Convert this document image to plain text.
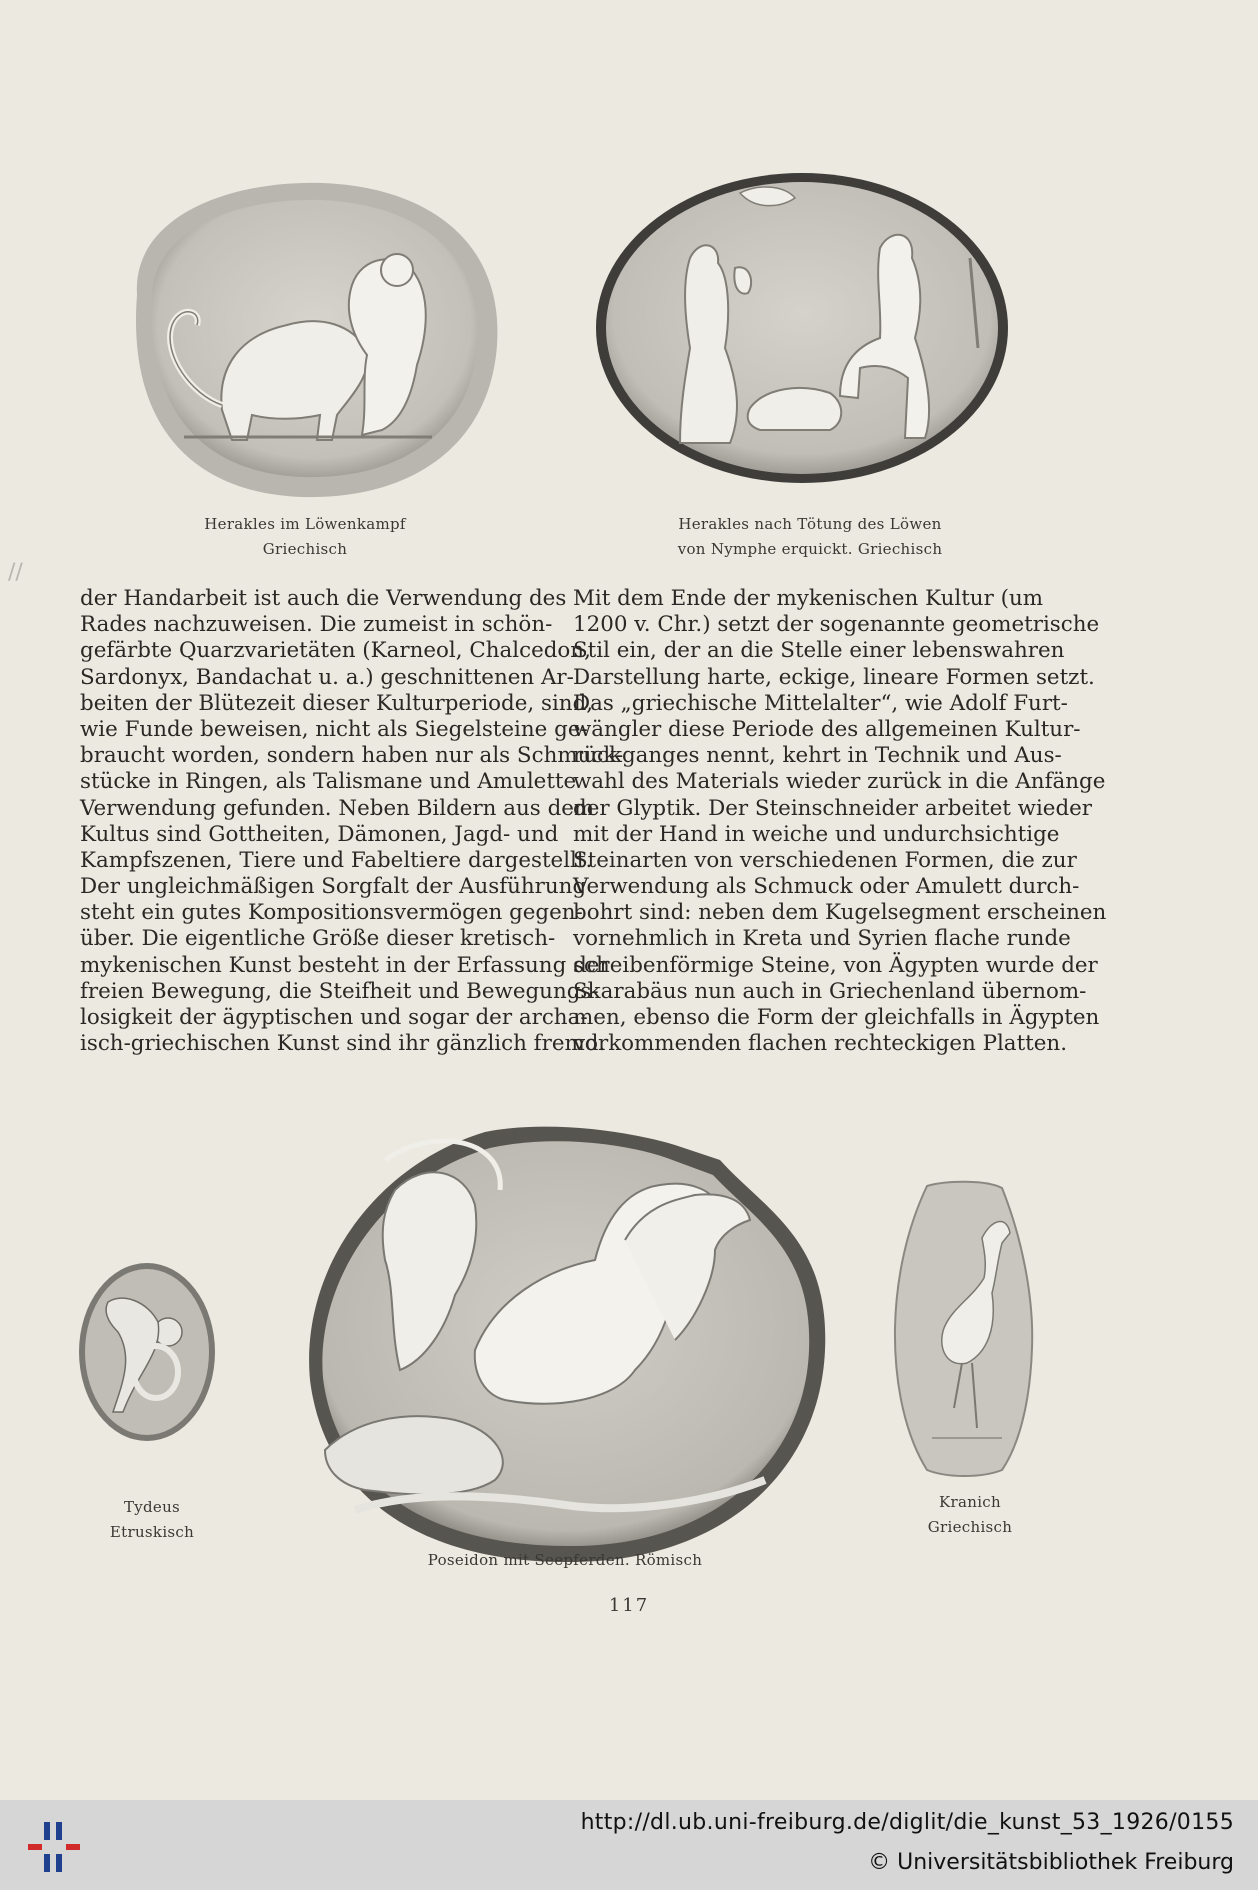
Herakles im Löwenkampf
Griechisch
Herakles nach Tötung des Löwen
von Nymphe erquickt. Griechisch
der Handarbeit ist auch die Verwendung des
Rades nachzuweisen. Die zumeist in schön-
gefärbte Quarzvarietäten (Karneol, Chalcedon,
Sardonyx, Bandachat u. a.) geschnittenen Ar-
beiten der Blütezeit dieser Kulturperiode, sind,
wie Funde beweisen, nicht als Siegelsteine ge-
braucht worden, sondern haben nur als Schmuck-
stücke in Ringen, als Talismane und Amulette
Verwendung gefunden. Neben Bildern aus dem
Kultus sind Gottheiten, Dämonen, Jagd- und
Kampfszenen, Tiere und Fabeltiere dargestellt.
Der ungleichmäßigen Sorgfalt der Ausführung
steht ein gutes Kompositionsvermögen gegen-
über. Die eigentliche Größe dieser kretisch-
mykenischen Kunst besteht in der Erfassung der
freien Bewegung, die Steifheit und Bewegungs-
losigkeit der ägyptischen und sogar der archa-
isch-griechischen Kunst sind ihr gänzlich fremd.
Mit dem Ende der mykenischen Kultur (um
1200 v. Chr.) setzt der sogenannte geometrische
Stil ein, der an die Stelle einer lebenswahren
Darstellung harte, eckige, lineare Formen setzt.
Das „griechische Mittelalter“, wie Adolf Furt-
wängler diese Periode des allgemeinen Kultur-
rückganges nennt, kehrt in Technik und Aus-
wahl des Materials wieder zurück in die Anfänge
der Glyptik. Der Steinschneider arbeitet wieder
mit der Hand in weiche und undurchsichtige
Steinarten von verschiedenen Formen, die zur
Verwendung als Schmuck oder Amulett durch-
bohrt sind: neben dem Kugelsegment erscheinen
vornehmlich in Kreta und Syrien flache runde
scheibenförmige Steine, von Ägypten wurde der
Skarabäus nun auch in Griechenland übernom-
men, ebenso die Form der gleichfalls in Ägypten
vorkommenden flachen rechteckigen Platten.
Tydeus
Etruskisch
Poseidon mit Seepferden. Römisch
Kranich
Griechisch
117
//
http://dl.ub.uni-freiburg.de/diglit/die_kunst_53_1926/0155
© Universitätsbibliothek Freiburg
